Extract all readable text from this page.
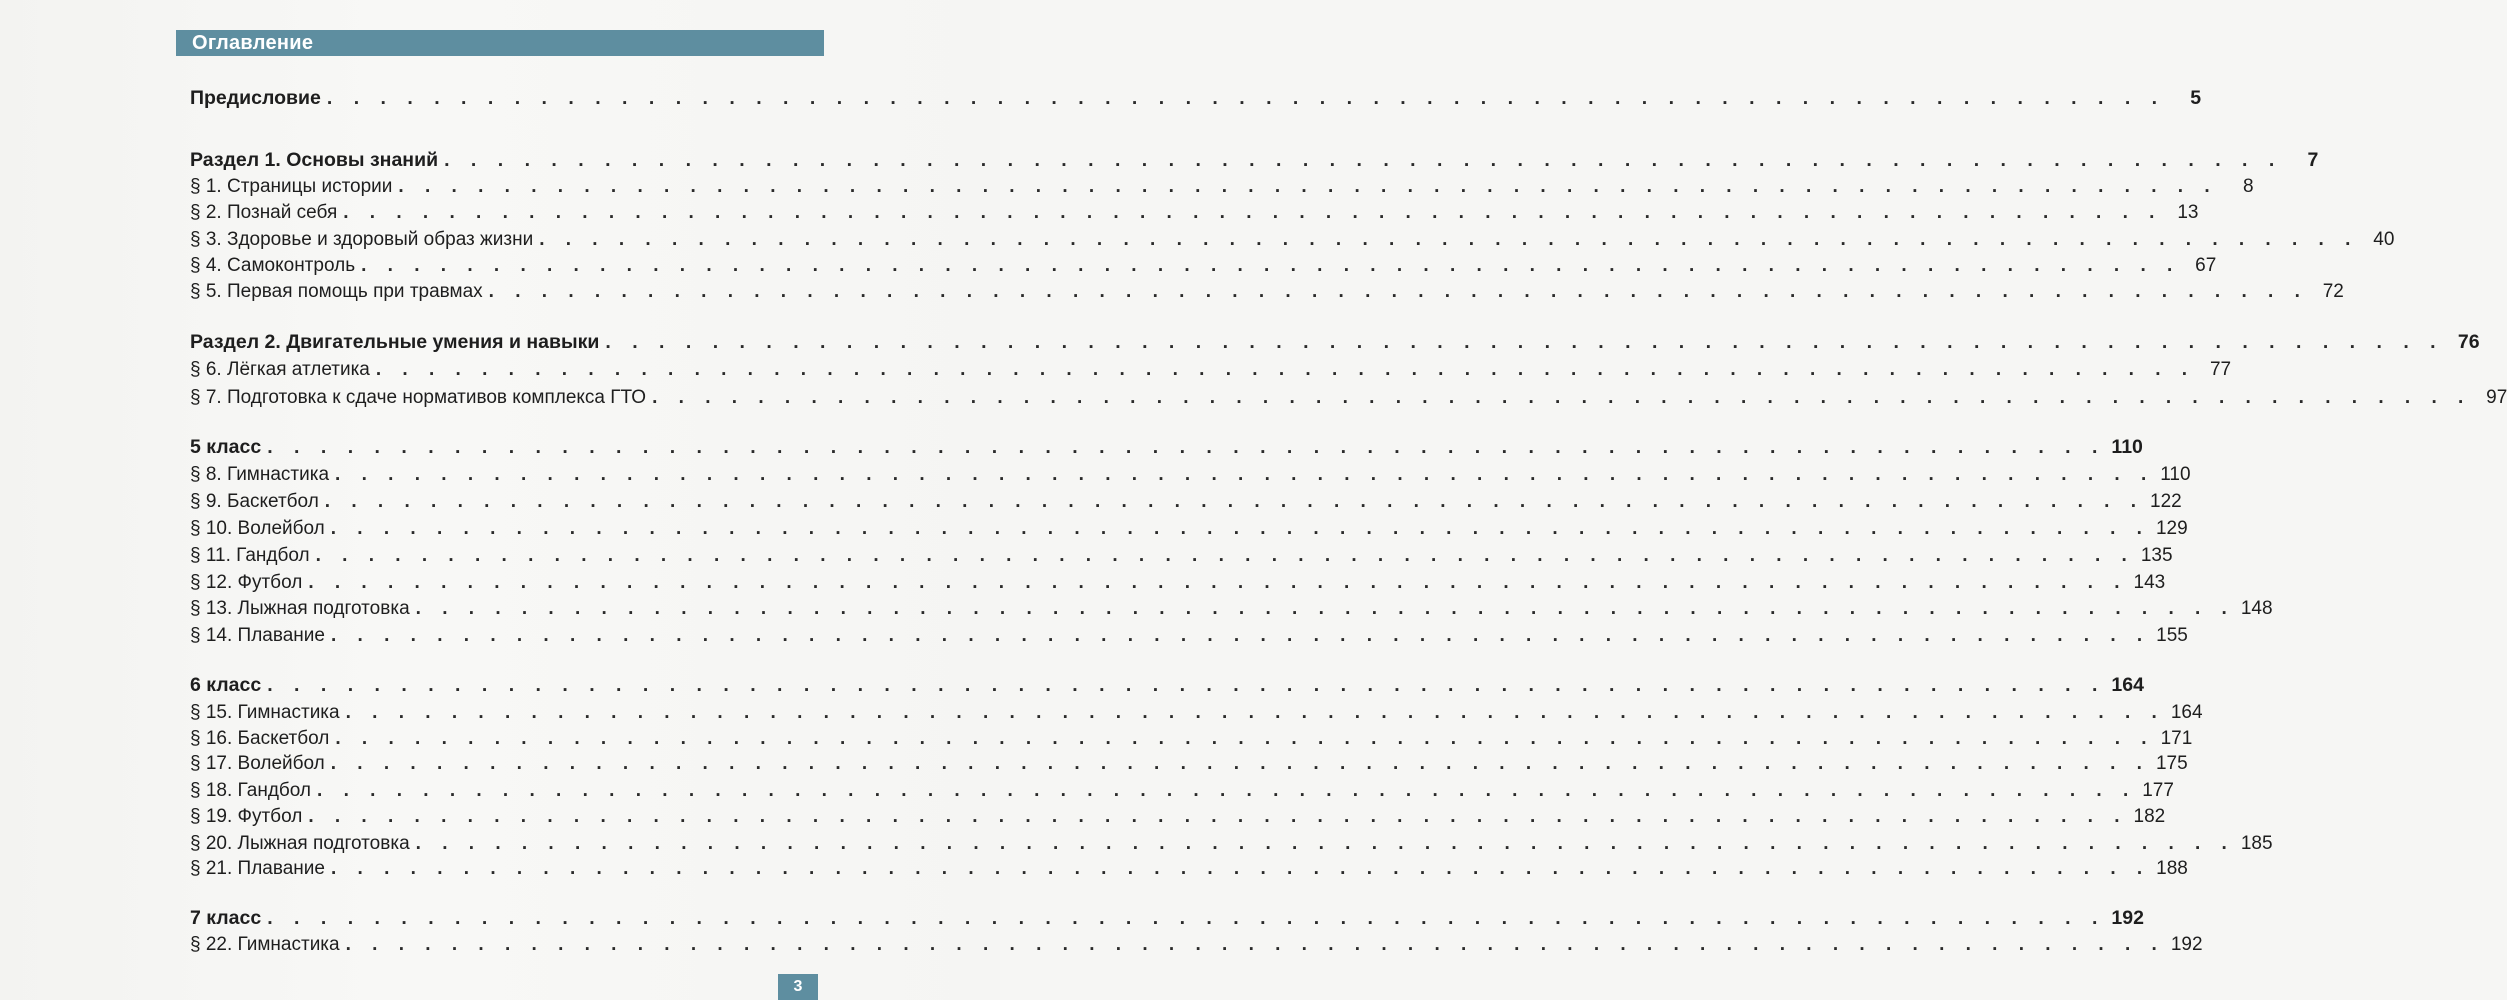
Оглавление
Предисловие . . . . . . . . . . . . . . . . . . . . . . . . . . . . . . . . . . . . . . . . . . . . . . . . . . . . . . . . . . . . . . . . . . . . .	5
Раздел 1. Основы знаний . . . . . . . . . . . . . . . . . . . . . . . . . . . . . . . . . . . . . . . . . . . . . . . . . . . . . . . . . . . . . . . . . . . . .	7
§ 1. Страницы истории . . . . . . . . . . . . . . . . . . . . . . . . . . . . . . . . . . . . . . . . . . . . . . . . . . . . . . . . . . . . . . . . . . . . .	8
§ 2. Познай себя . . . . . . . . . . . . . . . . . . . . . . . . . . . . . . . . . . . . . . . . . . . . . . . . . . . . . . . . . . . . . . . . . . . . . 13
§ 3. Здоровье и здоровый образ жизни . . . . . . . . . . . . . . . . . . . . . . . . . . . . . . . . . . . . . . . . . . . . . . . . . . . . . . . . . . . . . . . . . . . . . 40
§ 4. Самоконтроль . . . . . . . . . . . . . . . . . . . . . . . . . . . . . . . . . . . . . . . . . . . . . . . . . . . . . . . . . . . . . . . . . . . . . 67
§ 5. Первая помощь при травмах . . . . . . . . . . . . . . . . . . . . . . . . . . . . . . . . . . . . . . . . . . . . . . . . . . . . . . . . . . . . . . . . . . . . . 72
Раздел 2. Двигательные умения и навыки . . . . . . . . . . . . . . . . . . . . . . . . . . . . . . . . . . . . . . . . . . . . . . . . . . . . . . . . . . . . . . . . . . . . . 76
§ 6. Лёгкая атлетика . . . . . . . . . . . . . . . . . . . . . . . . . . . . . . . . . . . . . . . . . . . . . . . . . . . . . . . . . . . . . . . . . . . . . 77
§ 7. Подготовка к сдаче нормативов комплекса ГТО . . . . . . . . . . . . . . . . . . . . . . . . . . . . . . . . . . . . . . . . . . . . . . . . . . . . . . . . . . . . . . . . . . . . . 97
5 класс . . . . . . . . . . . . . . . . . . . . . . . . . . . . . . . . . . . . . . . . . . . . . . . . . . . . . . . . . . . . . . . . . . . . . 110
§ 8. Гимнастика . . . . . . . . . . . . . . . . . . . . . . . . . . . . . . . . . . . . . . . . . . . . . . . . . . . . . . . . . . . . . . . . . . . . . 110
§ 9. Баскетбол . . . . . . . . . . . . . . . . . . . . . . . . . . . . . . . . . . . . . . . . . . . . . . . . . . . . . . . . . . . . . . . . . . . . . 122
§ 10. Волейбол . . . . . . . . . . . . . . . . . . . . . . . . . . . . . . . . . . . . . . . . . . . . . . . . . . . . . . . . . . . . . . . . . . . . . 129
§ 11. Гандбол . . . . . . . . . . . . . . . . . . . . . . . . . . . . . . . . . . . . . . . . . . . . . . . . . . . . . . . . . . . . . . . . . . . . . 135
§ 12. Футбол . . . . . . . . . . . . . . . . . . . . . . . . . . . . . . . . . . . . . . . . . . . . . . . . . . . . . . . . . . . . . . . . . . . . . 143
§ 13. Лыжная подготовка . . . . . . . . . . . . . . . . . . . . . . . . . . . . . . . . . . . . . . . . . . . . . . . . . . . . . . . . . . . . . . . . . . . . . 148
§ 14. Плавание . . . . . . . . . . . . . . . . . . . . . . . . . . . . . . . . . . . . . . . . . . . . . . . . . . . . . . . . . . . . . . . . . . . . . 155
6 класс . . . . . . . . . . . . . . . . . . . . . . . . . . . . . . . . . . . . . . . . . . . . . . . . . . . . . . . . . . . . . . . . . . . . . 164
§ 15. Гимнастика . . . . . . . . . . . . . . . . . . . . . . . . . . . . . . . . . . . . . . . . . . . . . . . . . . . . . . . . . . . . . . . . . . . . . 164
§ 16. Баскетбол . . . . . . . . . . . . . . . . . . . . . . . . . . . . . . . . . . . . . . . . . . . . . . . . . . . . . . . . . . . . . . . . . . . . . 171
§ 17. Волейбол . . . . . . . . . . . . . . . . . . . . . . . . . . . . . . . . . . . . . . . . . . . . . . . . . . . . . . . . . . . . . . . . . . . . . 175
§ 18. Гандбол . . . . . . . . . . . . . . . . . . . . . . . . . . . . . . . . . . . . . . . . . . . . . . . . . . . . . . . . . . . . . . . . . . . . . 177
§ 19. Футбол . . . . . . . . . . . . . . . . . . . . . . . . . . . . . . . . . . . . . . . . . . . . . . . . . . . . . . . . . . . . . . . . . . . . . 182
§ 20. Лыжная подготовка . . . . . . . . . . . . . . . . . . . . . . . . . . . . . . . . . . . . . . . . . . . . . . . . . . . . . . . . . . . . . . . . . . . . . 185
§ 21. Плавание . . . . . . . . . . . . . . . . . . . . . . . . . . . . . . . . . . . . . . . . . . . . . . . . . . . . . . . . . . . . . . . . . . . . . 188
7 класс . . . . . . . . . . . . . . . . . . . . . . . . . . . . . . . . . . . . . . . . . . . . . . . . . . . . . . . . . . . . . . . . . . . . . 192
§ 22. Гимнастика . . . . . . . . . . . . . . . . . . . . . . . . . . . . . . . . . . . . . . . . . . . . . . . . . . . . . . . . . . . . . . . . . . . . . 192
3
